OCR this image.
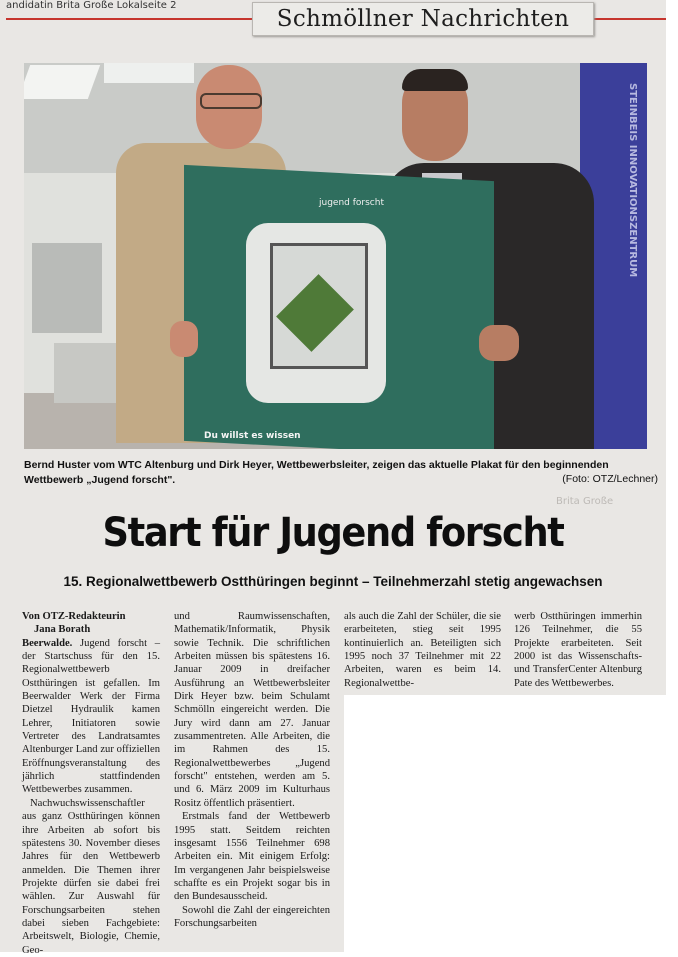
andidatin Brita Große Lokalseite 2
Schmöllner Nachrichten
STEINBEIS INNOVATIONSZENTRUM
jugend forscht
Du willst es wissen
Bernd Huster vom WTC Altenburg und Dirk Heyer, Wettbewerbsleiter, zeigen das aktuelle Plakat für den beginnenden Wettbewerb „Jugend forscht".	(Foto: OTZ/Lechner)
Brita Große
Start für Jugend forscht
15. Regionalwettbewerb Ostthüringen beginnt – Teilnehmerzahl stetig angewachsen

Von OTZ-Redakteurin
Jana Borath

Beerwalde. Jugend forscht – der Startschuss für den 15. Regionalwettbewerb Ostthüringen ist gefallen. Im Beerwalder Werk der Firma Dietzel Hydraulik kamen Lehrer, Initiatoren sowie Vertreter des Landratsamtes Altenburger Land zur offiziellen Eröffnungsveranstaltung des jährlich stattfindenden Wettbewerbes zusammen.

Nachwuchswissenschaftler aus ganz Ostthüringen können ihre Arbeiten ab sofort bis spätestens 30. November dieses Jahres für den Wettbewerb anmelden. Die Themen ihrer Projekte dürfen sie dabei frei wählen. Zur Auswahl für Forschungsarbeiten stehen dabei sieben Fachgebiete: Arbeitswelt, Biologie, Chemie, Geo-

und Raumwissenschaften, Mathematik/Informatik, Physik sowie Technik. Die schriftlichen Arbeiten müssen bis spätestens 16. Januar 2009 in dreifacher Ausführung an Wettbewerbsleiter Dirk Heyer bzw. beim Schulamt Schmölln eingereicht werden. Die Jury wird dann am 27. Januar zusammentreten. Alle Arbeiten, die im Rahmen des 15. Regionalwettbewerbes „Jugend forscht" entstehen, werden am 5. und 6. März 2009 im Kulturhaus Rositz öffentlich präsentiert.

Erstmals fand der Wettbewerb 1995 statt. Seitdem reichten insgesamt 1556 Teilnehmer 698 Arbeiten ein. Mit einigem Erfolg: Im vergangenen Jahr beispielsweise schaffte es ein Projekt sogar bis in den Bundesausscheid.

Sowohl die Zahl der eingereichten Forschungsarbeiten

als auch die Zahl der Schüler, die sie erarbeiteten, stieg seit 1995 kontinuierlich an. Beteiligten sich 1995 noch 37 Teilnehmer mit 22 Arbeiten, waren es beim 14. Regionalwettbe-

werb Ostthüringen immerhin 126 Teilnehmer, die 55 Projekte erarbeiteten. Seit 2000 ist das Wissenschafts- und TransferCenter Altenburg Pate des Wettbewerbes.
